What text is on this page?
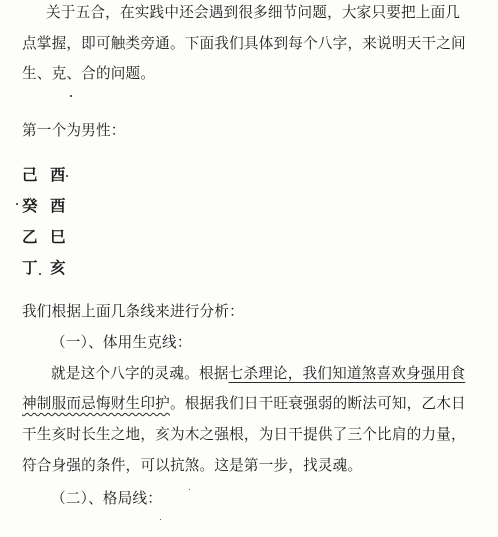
关于五合，在实践中还会遇到很多细节问题，大家只要把上面几
点掌握，即可触类旁通。下面我们具体到每个八字，来说明天干之间
生、克、合的问题。
第一个为男性：
己 酉
癸 酉
乙 巳
丁 亥
我们根据上面几条线来进行分析：
（一）、体用生克线：
就是这个八字的灵魂。根据七杀理论，我们知道煞喜欢身强用食
神制服而忌悔财生印护。根据我们日干旺衰强弱的断法可知，乙木日
干生亥时长生之地，亥为木之强根，为日干提供了三个比肩的力量，
符合身强的条件，可以抗煞。这是第一步，找灵魂。
（二）、格局线：
